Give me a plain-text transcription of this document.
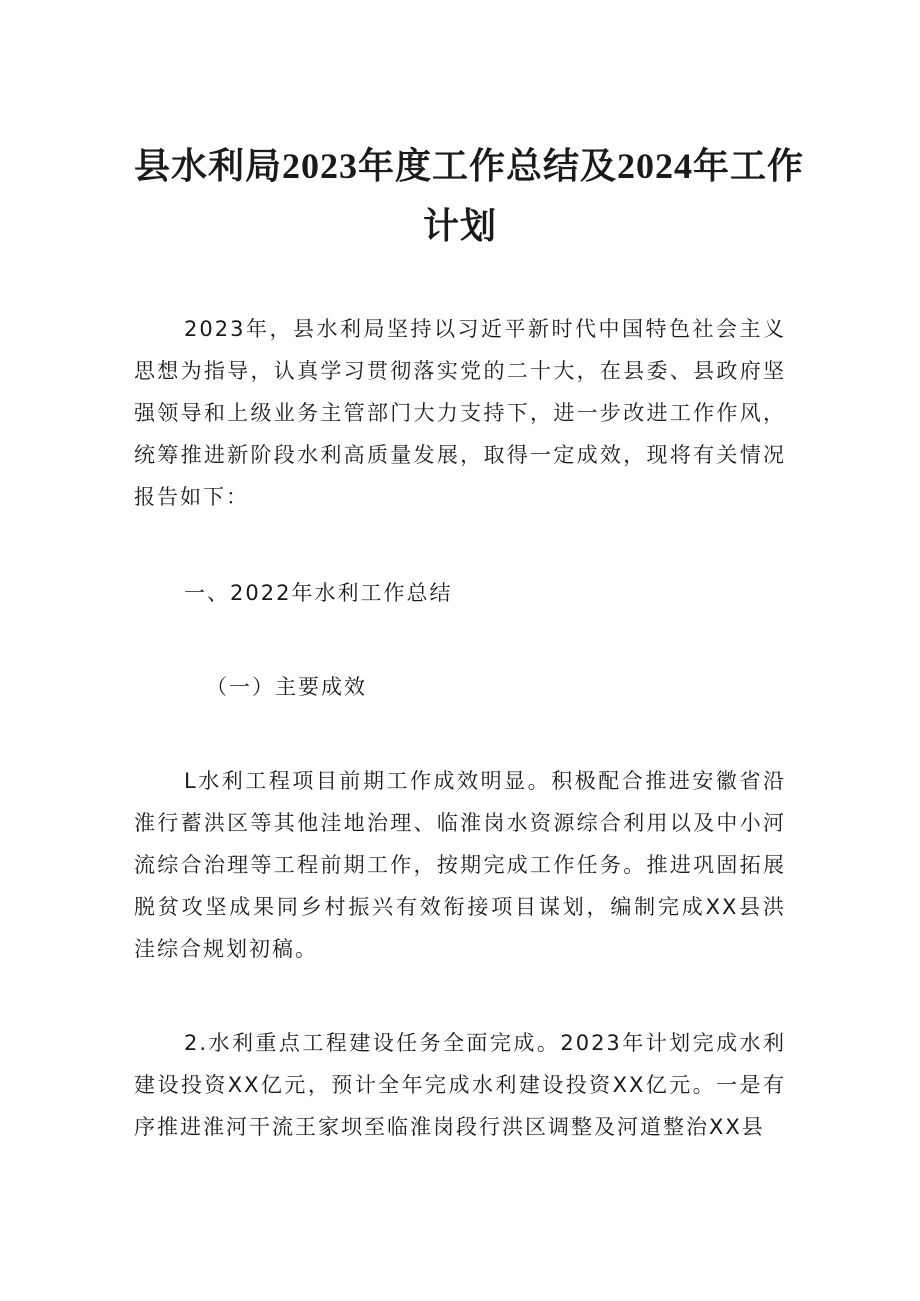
县水利局2023年度工作总结及2024年工作
计划

2023年，县水利局坚持以习近平新时代中国特色社会主义思想为指导，认真学习贯彻落实党的二十大，在县委、县政府坚强领导和上级业务主管部门大力支持下，进一步改进工作作风，统筹推进新阶段水利高质量发展，取得一定成效，现将有关情况报告如下：

一、2022年水利工作总结

（一）主要成效

L水利工程项目前期工作成效明显。积极配合推进安徽省沿淮行蓄洪区等其他洼地治理、临淮岗水资源综合利用以及中小河流综合治理等工程前期工作，按期完成工作任务。推进巩固拓展脱贫攻坚成果同乡村振兴有效衔接项目谋划，编制完成XX县洪洼综合规划初稿。

2.水利重点工程建设任务全面完成。2023年计划完成水利建设投资XX亿元，预计全年完成水利建设投资XX亿元。一是有序推进淮河干流王家坝至临淮岗段行洪区调整及河道整治XX县
